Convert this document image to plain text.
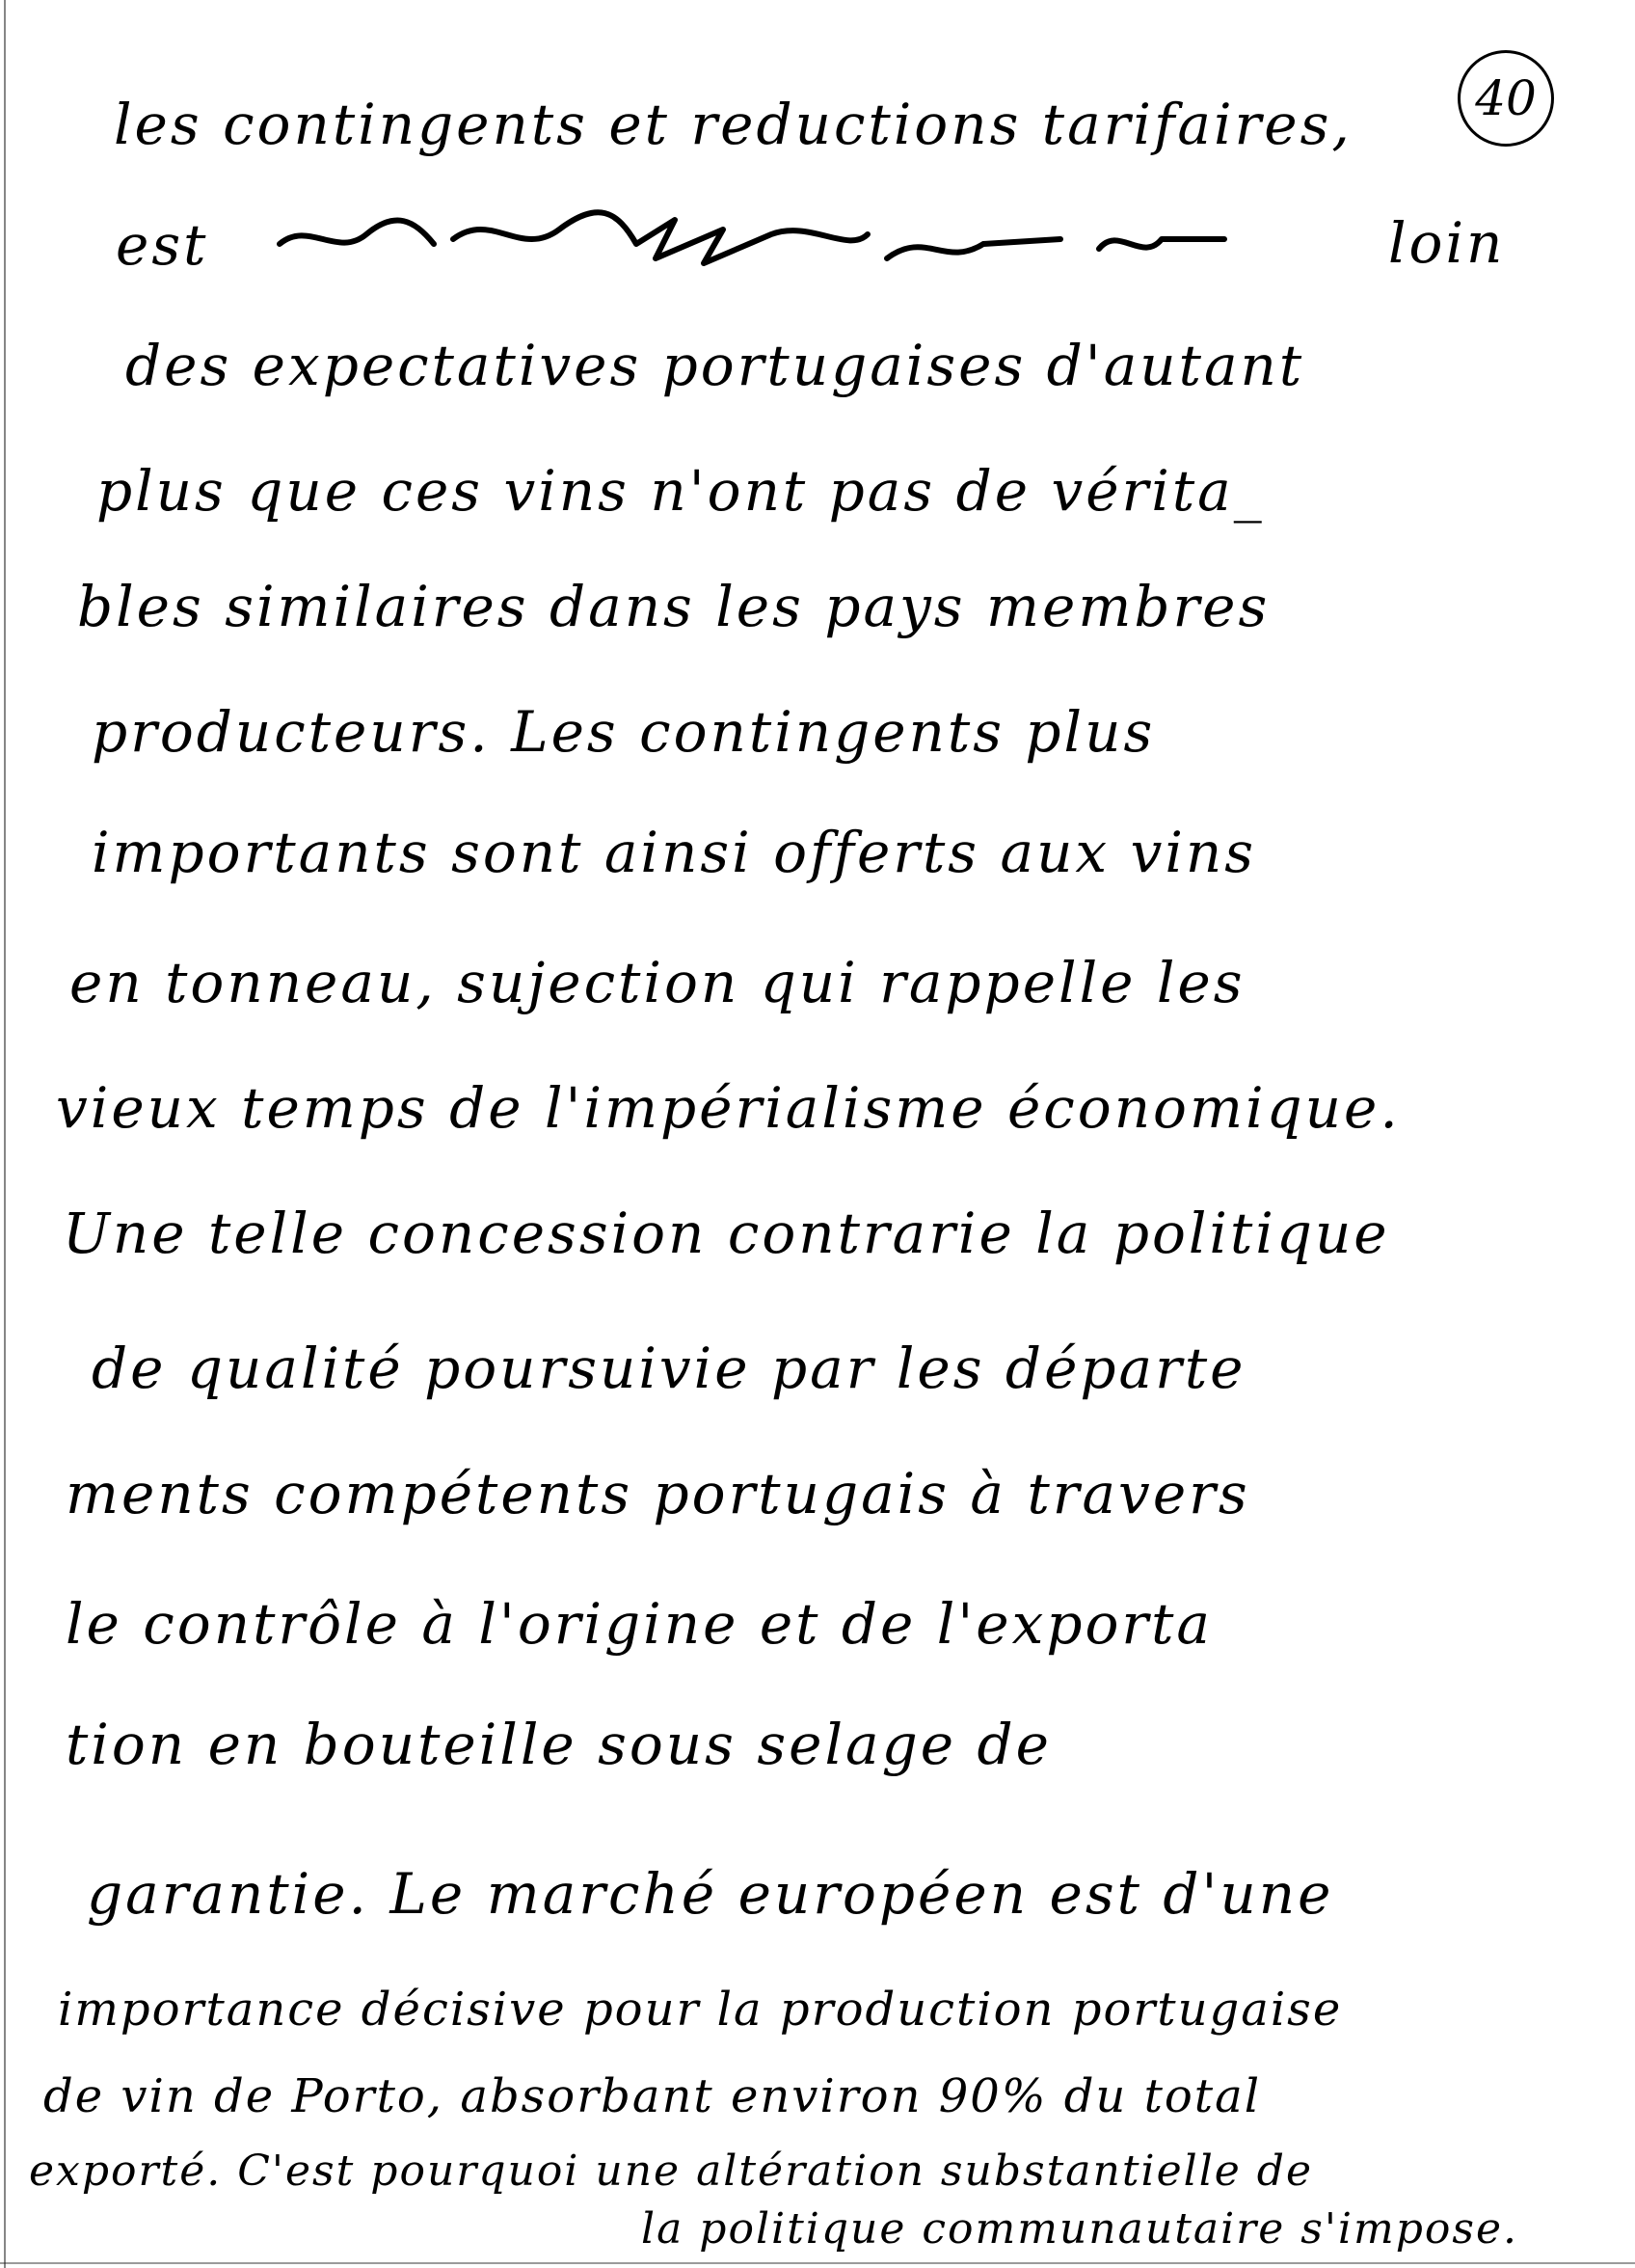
40
les contingents et reductions tarifaires,
est	loin
des expectatives portugaises d'autant
plus que ces vins n'ont pas de vérita_
bles similaires dans les pays membres
producteurs. Les contingents plus
importants sont ainsi offerts aux vins
en tonneau, sujection qui rappelle les
vieux temps de l'impérialisme économique.
Une telle concession contrarie la politique
de qualité poursuivie par les départe
ments compétents portugais à travers
le contrôle à l'origine et de l'exporta
tion en bouteille sous selage de
garantie. Le marché européen est d'une
importance décisive pour la production portugaise
de vin de Porto, absorbant environ 90% du total
exporté. C'est pourquoi une altération substantielle de
la politique communautaire s'impose.
